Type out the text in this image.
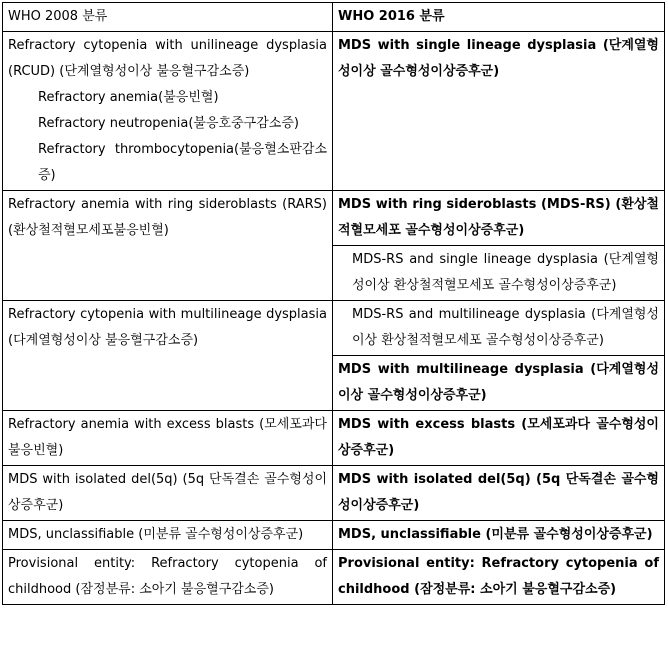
WHO 2008 분류	WHO 2016 분류

Refractory cytopenia with unilineage dysplasia (RCUD) (단계열형성이상 불응혈구감소증)
Refractory anemia(불응빈혈)
Refractory neutropenia(불응호중구감소증)
Refractory thrombocytopenia(불응혈소판감소증)	MDS with single lineage dysplasia (단계열형성이상 골수형성이상증후군)
Refractory anemia with ring sideroblasts (RARS) (환상철적혈모세포불응빈혈)	MDS with ring sideroblasts (MDS-RS) (환상철적혈모세포 골수형성이상증후군)

	MDS-RS and single lineage dysplasia (단계열형성이상 환상철적혈모세포 골수형성이상증후군)

Refractory cytopenia with multilineage dysplasia (다계열형성이상 불응혈구감소증)	MDS-RS and multilineage dysplasia (다계열형성이상 환상철적혈모세포 골수형성이상증후군)

	MDS with multilineage dysplasia (다계열형성이상 골수형성이상증후군)
Refractory anemia with excess blasts (모세포과다 불응빈혈)	MDS with excess blasts (모세포과다 골수형성이상증후군)
MDS with isolated del(5q) (5q 단독결손 골수형성이상증후군)	MDS with isolated del(5q) (5q 단독결손 골수형성이상증후군)
MDS, unclassifiable (미분류 골수형성이상증후군)	MDS, unclassifiable (미분류 골수형성이상증후군)
Provisional entity: Refractory cytopenia of childhood (잠정분류: 소아기 불응혈구감소증)	Provisional entity: Refractory cytopenia of childhood (잠정분류: 소아기 불응혈구감소증)
